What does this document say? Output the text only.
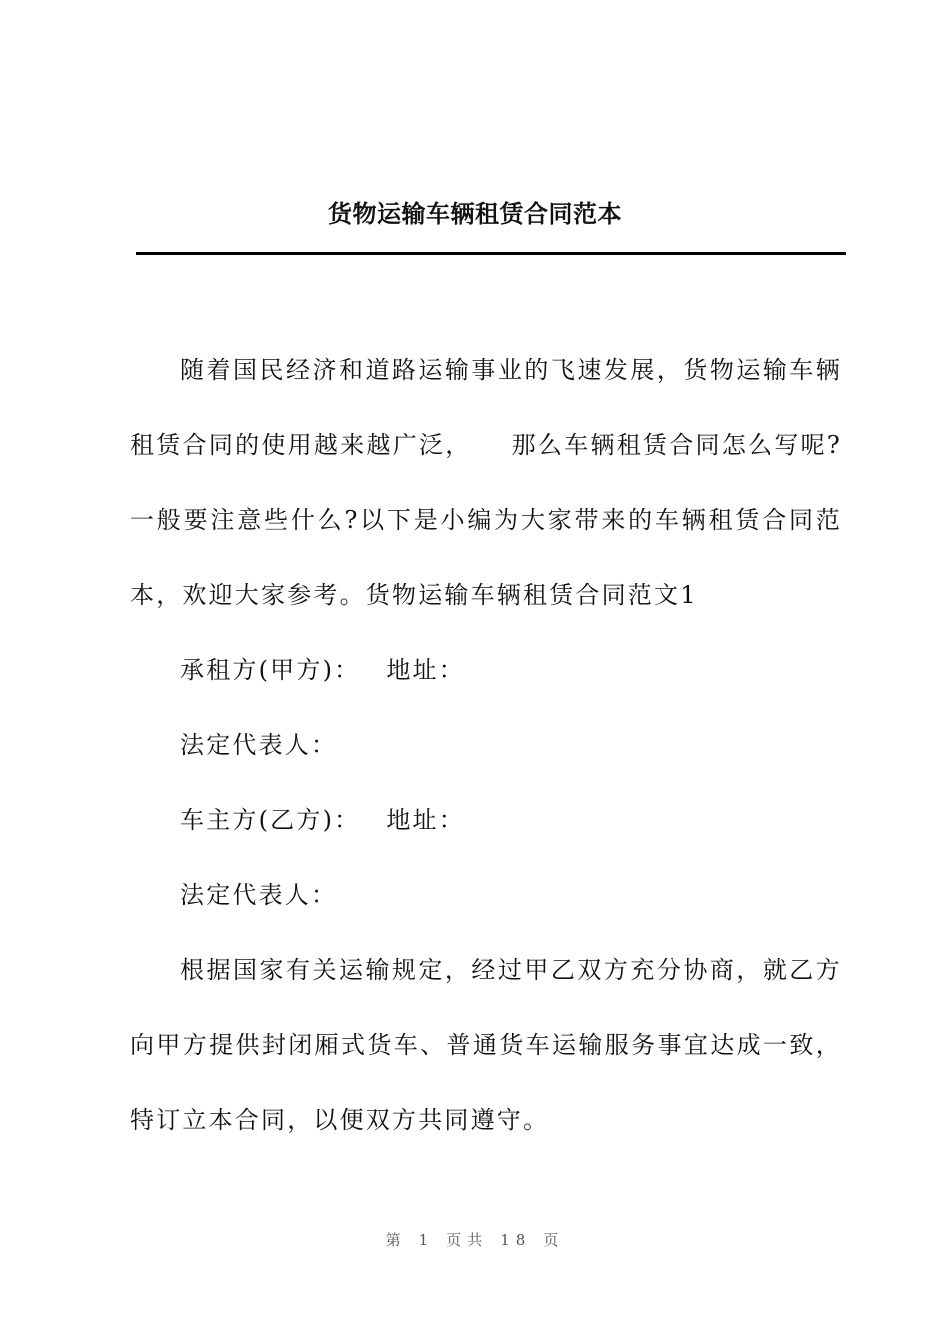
货物运输车辆租赁合同范本

随着国民经济和道路运输事业的飞速发展，货物运输车辆租赁合同的使用越来越广泛， 那么车辆租赁合同怎么写呢?一般要注意些什么?以下是小编为大家带来的车辆租赁合同范本，欢迎大家参考。货物运输车辆租赁合同范文1

承租方(甲方)： 地址：

法定代表人：

车主方(乙方)： 地址：

法定代表人：

根据国家有关运输规定，经过甲乙双方充分协商，就乙方向甲方提供封闭厢式货车、普通货车运输服务事宜达成一致，特订立本合同，以便双方共同遵守。

第 1 页共 18 页
